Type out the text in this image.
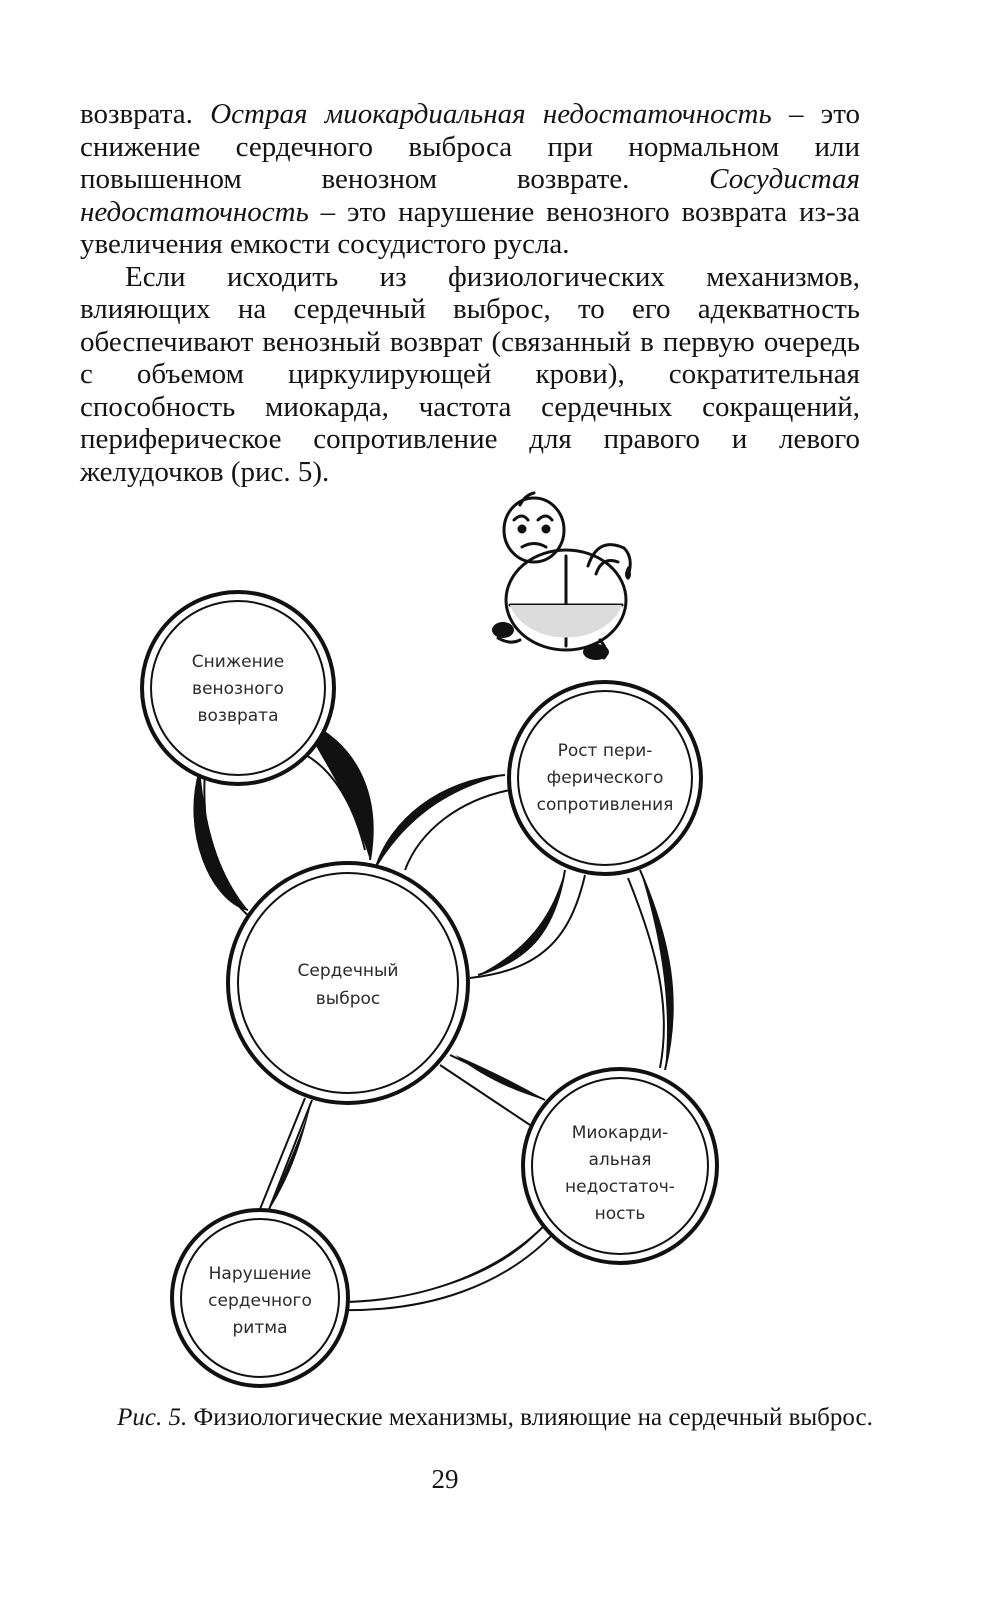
возврата. Острая миокардиальная недостаточность – это снижение сердечного выброса при нормальном или повышенном венозном возврате. Сосудистая недостаточность – это нарушение венозного возврата из-за увеличения емкости сосудистого русла.

Если исходить из физиологических механизмов, влияющих на сердечный выброс, то его адекватность обеспечивают венозный возврат (связанный в первую очередь с объемом циркулирующей крови), сократительная способность миокарда, частота сердечных сокращений, периферическое сопротивление для правого и левого желудочков (рис. 5).

Снижение
венозного
возврата
Рост пери-
ферического
сопротивления
Сердечный
выброс
Миокарди-
альная
недостаточ-
ность
Нарушение
сердечного
ритма
Рис. 5. Физиологические механизмы, влияющие на сердечный выброс.
29
